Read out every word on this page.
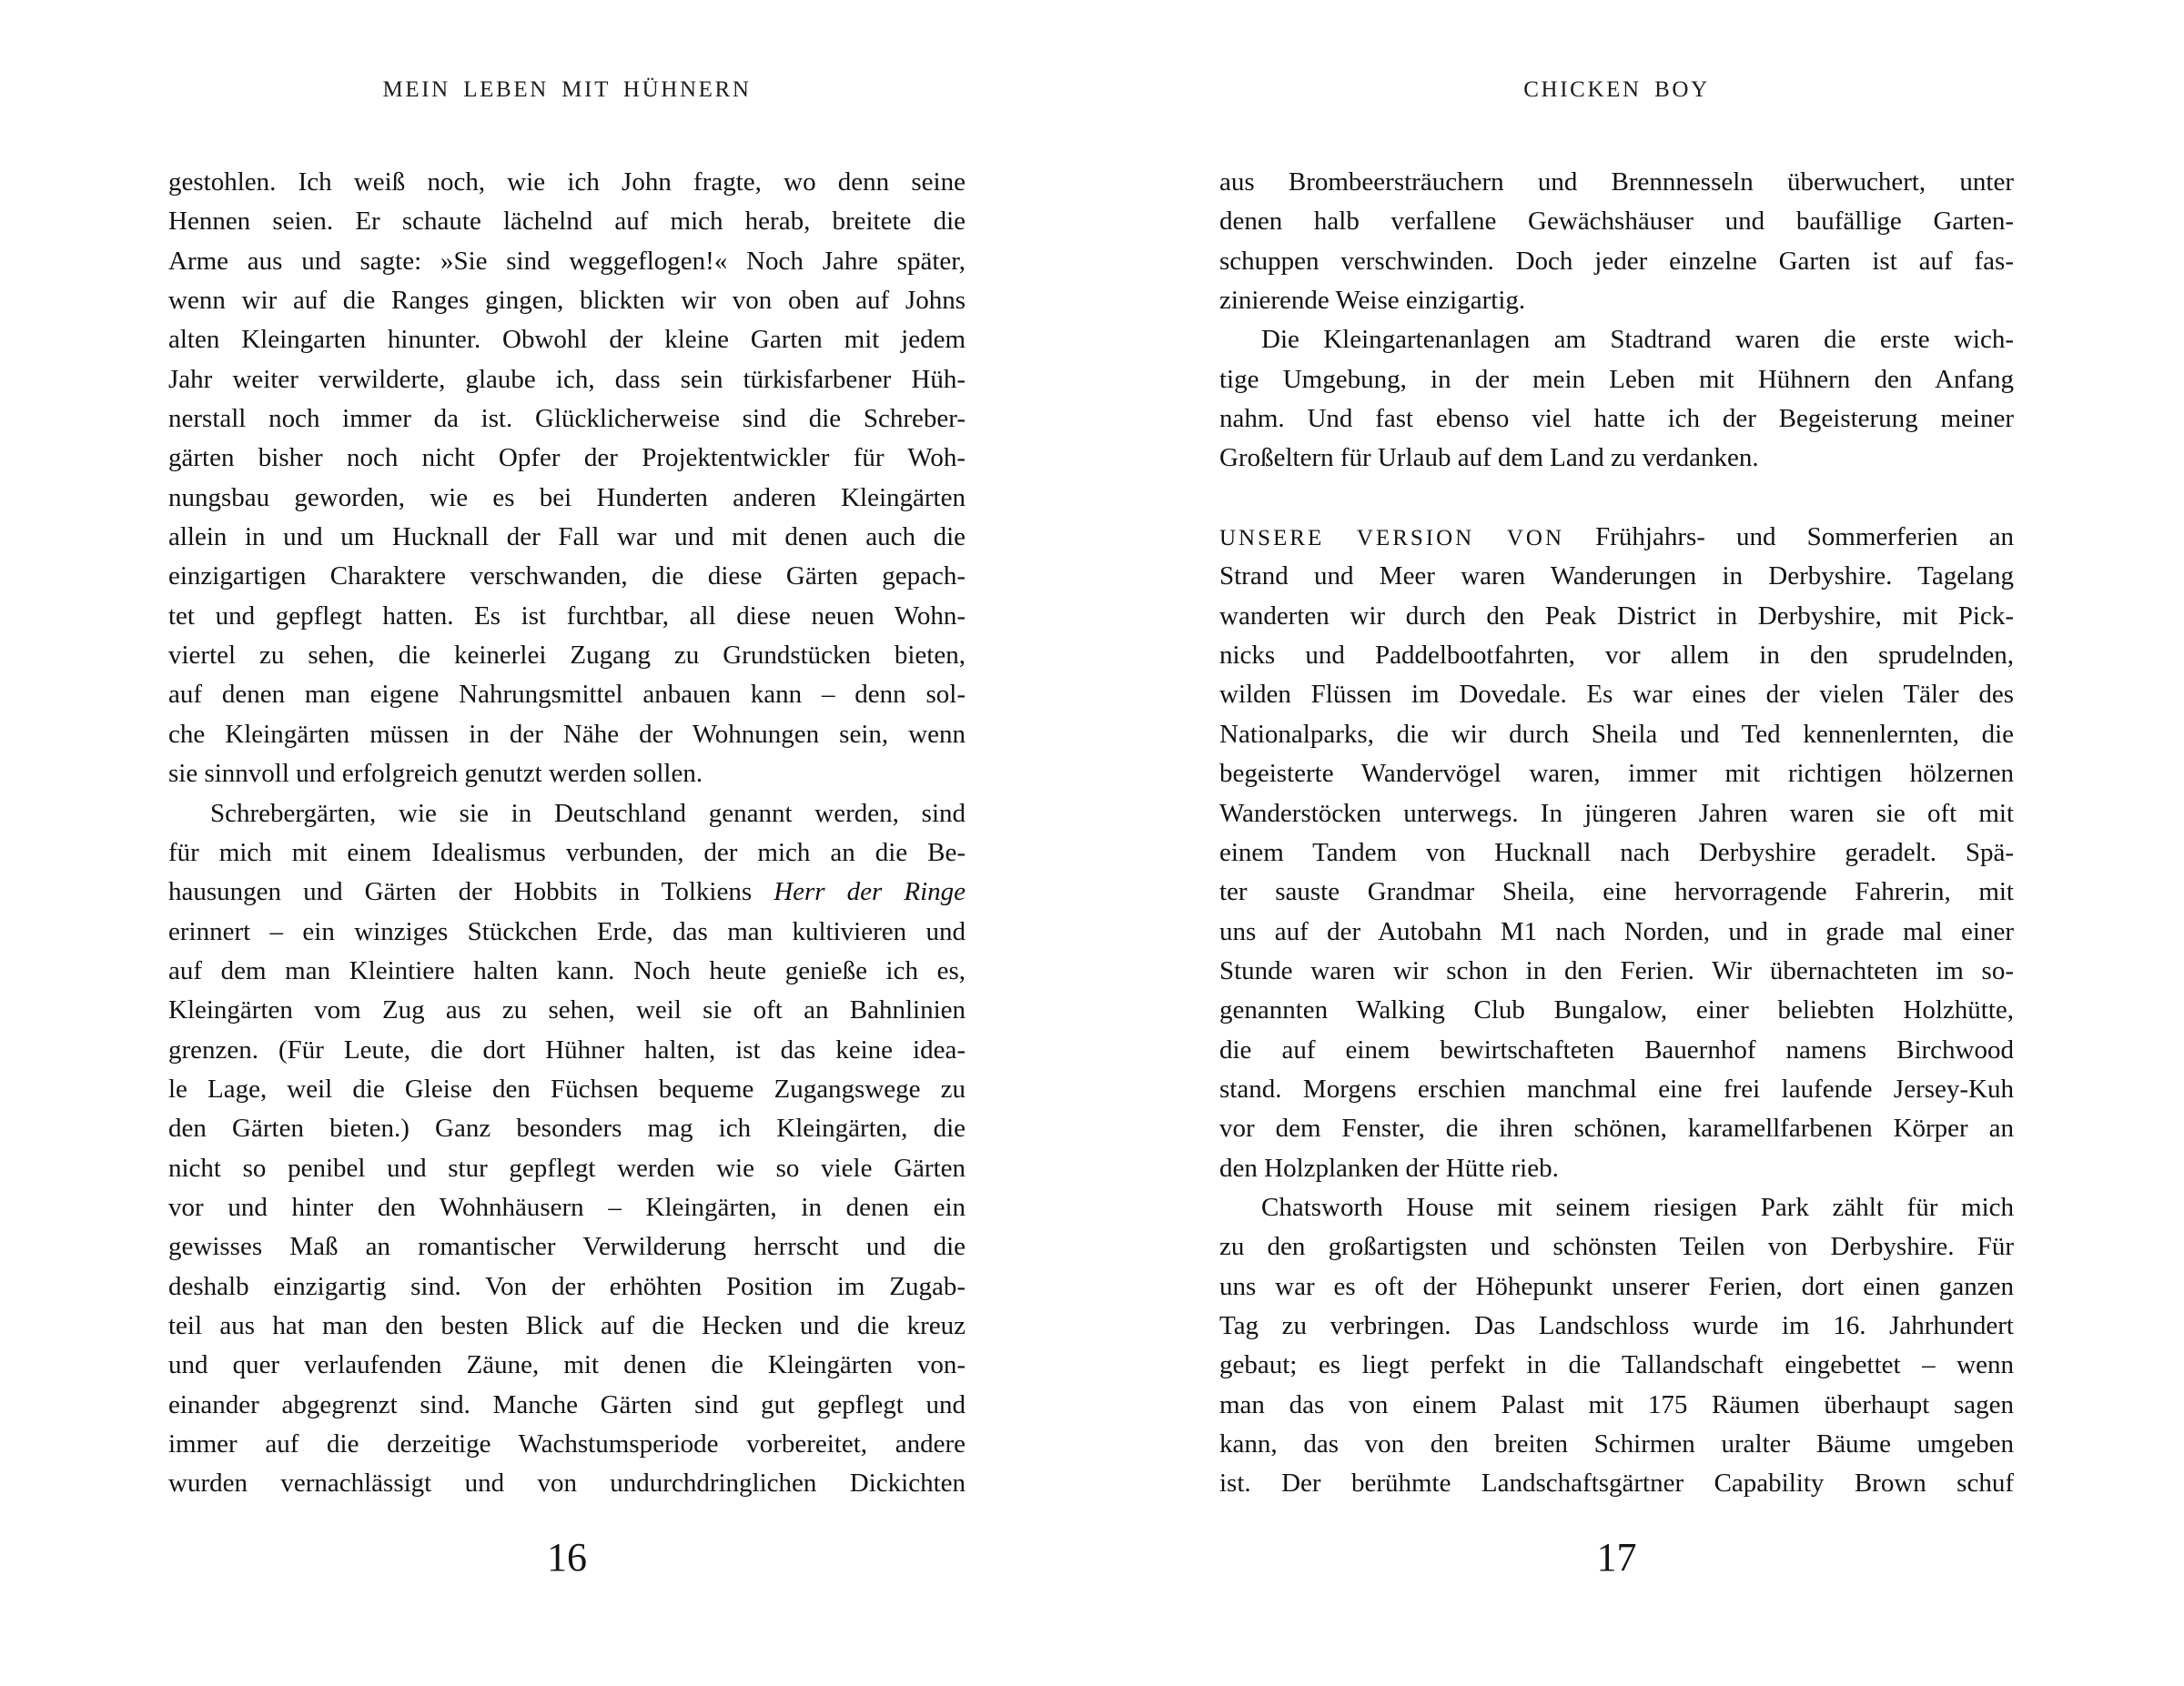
MEIN LEBEN MIT HÜHNERN
gestohlen. Ich weiß noch, wie ich John fragte, wo denn seine
Hennen seien. Er schaute lächelnd auf mich herab, breitete die
Arme aus und sagte: »Sie sind weggeflogen!« Noch Jahre später,
wenn wir auf die Ranges gingen, blickten wir von oben auf Johns
alten Kleingarten hinunter. Obwohl der kleine Garten mit jedem
Jahr weiter verwilderte, glaube ich, dass sein türkisfarbener Hüh-
nerstall noch immer da ist. Glücklicherweise sind die Schreber-
gärten bisher noch nicht Opfer der Projektentwickler für Woh-
nungsbau geworden, wie es bei Hunderten anderen Kleingärten
allein in und um Hucknall der Fall war und mit denen auch die
einzigartigen Charaktere verschwanden, die diese Gärten gepach-
tet und gepflegt hatten. Es ist furchtbar, all diese neuen Wohn-
viertel zu sehen, die keinerlei Zugang zu Grundstücken bieten,
auf denen man eigene Nahrungsmittel anbauen kann – denn sol-
che Kleingärten müssen in der Nähe der Wohnungen sein, wenn
sie sinnvoll und erfolgreich genutzt werden sollen.
Schrebergärten, wie sie in Deutschland genannt werden, sind
für mich mit einem Idealismus verbunden, der mich an die Be-
hausungen und Gärten der Hobbits in Tolkiens Herr der Ringe
erinnert – ein winziges Stückchen Erde, das man kultivieren und
auf dem man Kleintiere halten kann. Noch heute genieße ich es,
Kleingärten vom Zug aus zu sehen, weil sie oft an Bahnlinien
grenzen. (Für Leute, die dort Hühner halten, ist das keine idea-
le Lage, weil die Gleise den Füchsen bequeme Zugangswege zu
den Gärten bieten.) Ganz besonders mag ich Kleingärten, die
nicht so penibel und stur gepflegt werden wie so viele Gärten
vor und hinter den Wohnhäusern – Kleingärten, in denen ein
gewisses Maß an romantischer Verwilderung herrscht und die
deshalb einzigartig sind. Von der erhöhten Position im Zugab-
teil aus hat man den besten Blick auf die Hecken und die kreuz
und quer verlaufenden Zäune, mit denen die Kleingärten von-
einander abgegrenzt sind. Manche Gärten sind gut gepflegt und
immer auf die derzeitige Wachstumsperiode vorbereitet, andere
wurden vernachlässigt und von undurchdringlichen Dickichten
16
CHICKEN BOY
aus Brombeersträuchern und Brennnesseln überwuchert, unter
denen halb verfallene Gewächshäuser und baufällige Garten-
schuppen verschwinden. Doch jeder einzelne Garten ist auf fas-
zinierende Weise einzigartig.
Die Kleingartenanlagen am Stadtrand waren die erste wich-
tige Umgebung, in der mein Leben mit Hühnern den Anfang
nahm. Und fast ebenso viel hatte ich der Begeisterung meiner
Großeltern für Urlaub auf dem Land zu verdanken.
UNSERE VERSION VON Frühjahrs- und Sommerferien an
Strand und Meer waren Wanderungen in Derbyshire. Tagelang
wanderten wir durch den Peak District in Derbyshire, mit Pick-
nicks und Paddelbootfahrten, vor allem in den sprudelnden,
wilden Flüssen im Dovedale. Es war eines der vielen Täler des
Nationalparks, die wir durch Sheila und Ted kennenlernten, die
begeisterte Wandervögel waren, immer mit richtigen hölzernen
Wanderstöcken unterwegs. In jüngeren Jahren waren sie oft mit
einem Tandem von Hucknall nach Derbyshire geradelt. Spä-
ter sauste Grandmar Sheila, eine hervorragende Fahrerin, mit
uns auf der Autobahn M1 nach Norden, und in grade mal einer
Stunde waren wir schon in den Ferien. Wir übernachteten im so-
genannten Walking Club Bungalow, einer beliebten Holzhütte,
die auf einem bewirtschafteten Bauernhof namens Birchwood
stand. Morgens erschien manchmal eine frei laufende Jersey-Kuh
vor dem Fenster, die ihren schönen, karamellfarbenen Körper an
den Holzplanken der Hütte rieb.
Chatsworth House mit seinem riesigen Park zählt für mich
zu den großartigsten und schönsten Teilen von Derbyshire. Für
uns war es oft der Höhepunkt unserer Ferien, dort einen ganzen
Tag zu verbringen. Das Landschloss wurde im 16. Jahrhundert
gebaut; es liegt perfekt in die Tallandschaft eingebettet – wenn
man das von einem Palast mit 175 Räumen überhaupt sagen
kann, das von den breiten Schirmen uralter Bäume umgeben
ist. Der berühmte Landschaftsgärtner Capability Brown schuf
17
